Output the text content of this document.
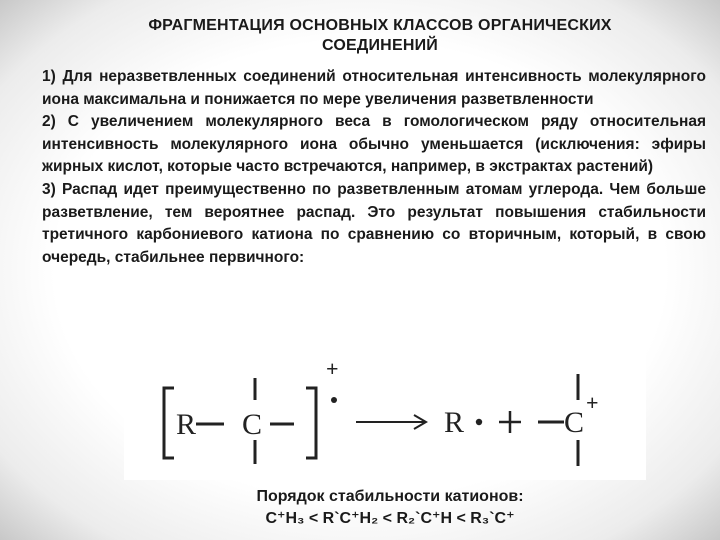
ФРАГМЕНТАЦИЯ ОСНОВНЫХ КЛАССОВ ОРГАНИЧЕСКИХ
СОЕДИНЕНИЙ

1) Для неразветвленных соединений относительная интенсивность молекулярного иона максимальна и понижается по мере увеличения разветвленности

2) С увеличением молекулярного веса в гомологическом ряду относительная интенсивность молекулярного иона обычно уменьшается (исключения: эфиры жирных кислот, которые часто встречаются, например, в экстрактах растений)

3) Распад идет преимущественно по разветвленным атомам углерода. Чем больше разветвление, тем вероятнее распад. Это результат повышения стабильности третичного карбониевого катиона по сравнению со вторичным, который, в свою очередь, стабильнее первичного:

R C
+
R	C
+
Порядок стабильности катионов:
C⁺H₃ < R`C⁺H₂ < R₂`C⁺H < R₃`C⁺
